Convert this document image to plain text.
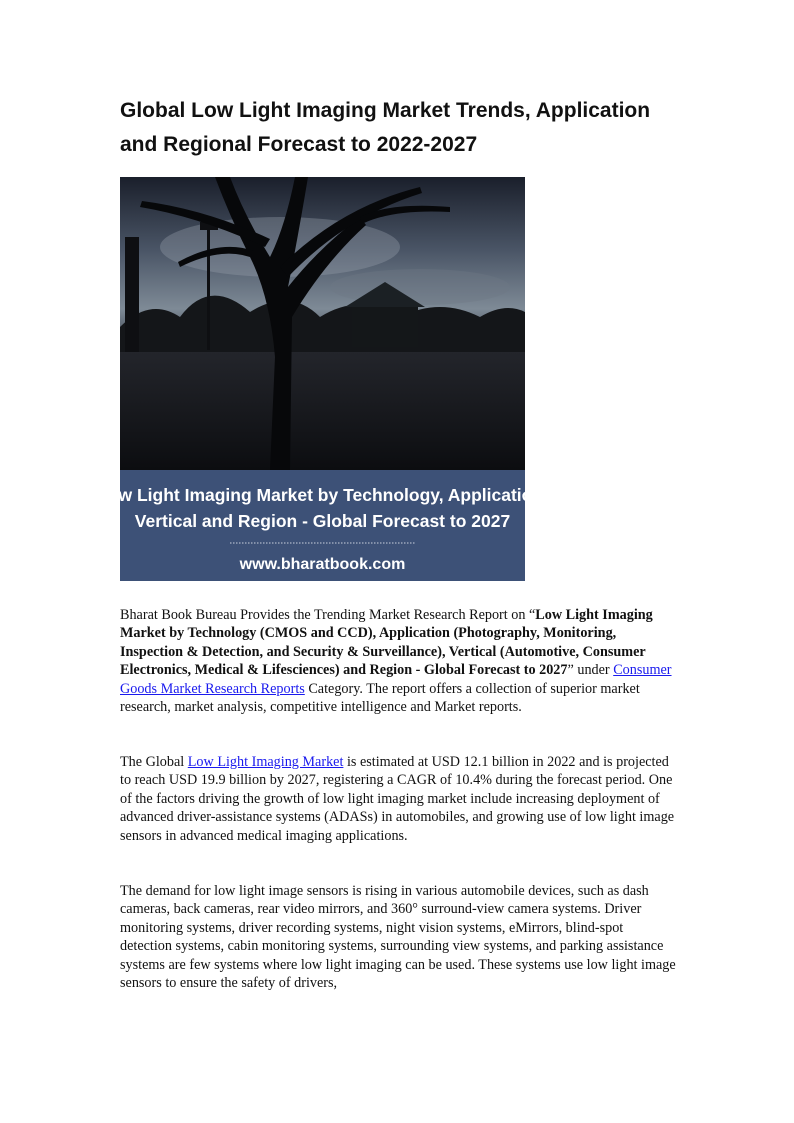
Global Low Light Imaging Market Trends, Application
and Regional Forecast to 2022-2027
Low Light Imaging Market by Technology, Application,
Vertical and Region - Global Forecast to 2027
www.bharatbook.com

Bharat Book Bureau Provides the Trending Market Research Report on “Low Light Imaging Market by Technology (CMOS and CCD), Application (Photography, Monitoring, Inspection & Detection, and Security & Surveillance), Vertical (Automotive, Consumer Electronics, Medical & Lifesciences) and Region - Global Forecast to 2027” under Consumer Goods Market Research Reports Category. The report offers a collection of superior market research, market analysis, competitive intelligence and Market reports.

The Global Low Light Imaging Market is estimated at USD 12.1 billion in 2022 and is projected to reach USD 19.9 billion by 2027, registering a CAGR of 10.4% during the forecast period. One of the factors driving the growth of low light imaging market include increasing deployment of advanced driver-assistance systems (ADASs) in automobiles, and growing use of low light image sensors in advanced medical imaging applications.

The demand for low light image sensors is rising in various automobile devices, such as dash cameras, back cameras, rear video mirrors, and 360° surround-view camera systems. Driver monitoring systems, driver recording systems, night vision systems, eMirrors, blind-spot detection systems, cabin monitoring systems, surrounding view systems, and parking assistance systems are few systems where low light imaging can be used. These systems use low light image sensors to ensure the safety of drivers,
